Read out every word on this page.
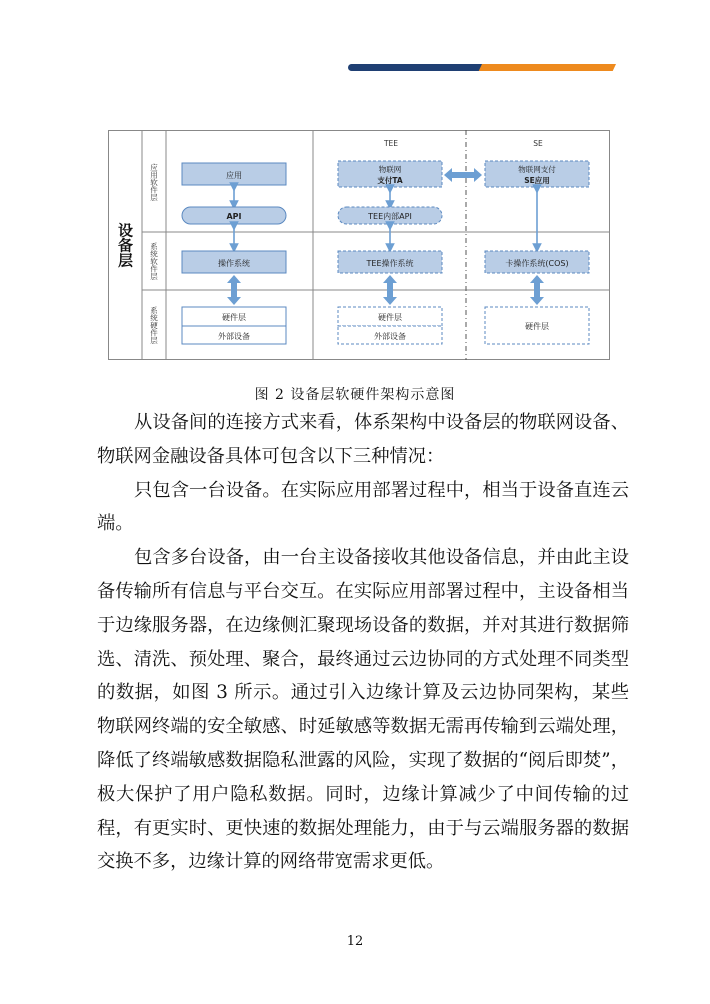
设备层
应用软件层
系统软件层
系统硬件层
TEE	SE
应用
API
操作系统
硬件层
外部设备
物联网
支付TA
TEE内部API
TEE操作系统
硬件层
外部设备
物联网支付
SE应用
卡操作系统(COS)
硬件层
图 2 设备层软硬件架构示意图

从设备间的连接方式来看，体系架构中设备层的物联网设备、物联网金融设备具体可包含以下三种情况：

只包含一台设备。在实际应用部署过程中，相当于设备直连云端。

包含多台设备，由一台主设备接收其他设备信息，并由此主设备传输所有信息与平台交互。在实际应用部署过程中，主设备相当于边缘服务器，在边缘侧汇聚现场设备的数据，并对其进行数据筛选、清洗、预处理、聚合，最终通过云边协同的方式处理不同类型的数据，如图 3 所示。通过引入边缘计算及云边协同架构，某些物联网终端的安全敏感、时延敏感等数据无需再传输到云端处理，降低了终端敏感数据隐私泄露的风险，实现了数据的“阅后即焚”，极大保护了用户隐私数据。同时，边缘计算减少了中间传输的过程，有更实时、更快速的数据处理能力，由于与云端服务器的数据交换不多，边缘计算的网络带宽需求更低。

12
